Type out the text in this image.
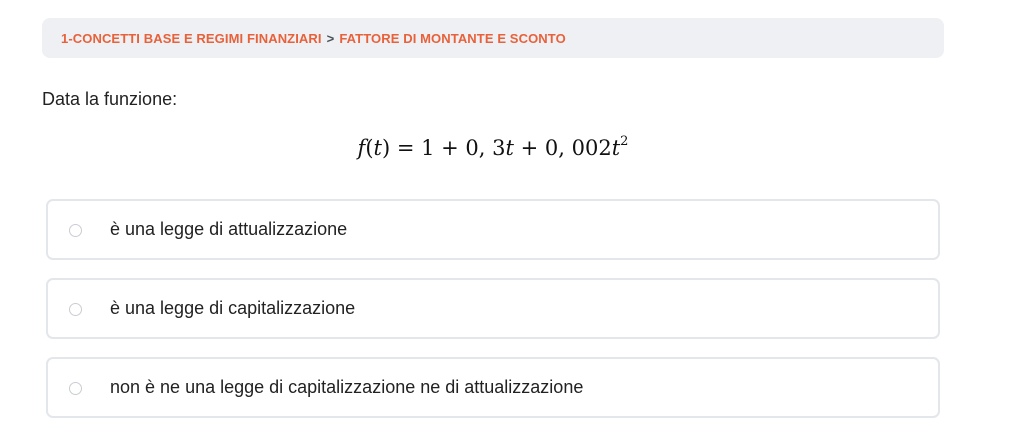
1-CONCETTI BASE E REGIMI FINANZIARI > FATTORE DI MONTANTE E SCONTO
Data la funzione:
f(t) = 1 + 0, 3t + 0, $002t^2$
è una legge di attualizzazione
è una legge di capitalizzazione
non è ne una legge di capitalizzazione ne di attualizzazione
